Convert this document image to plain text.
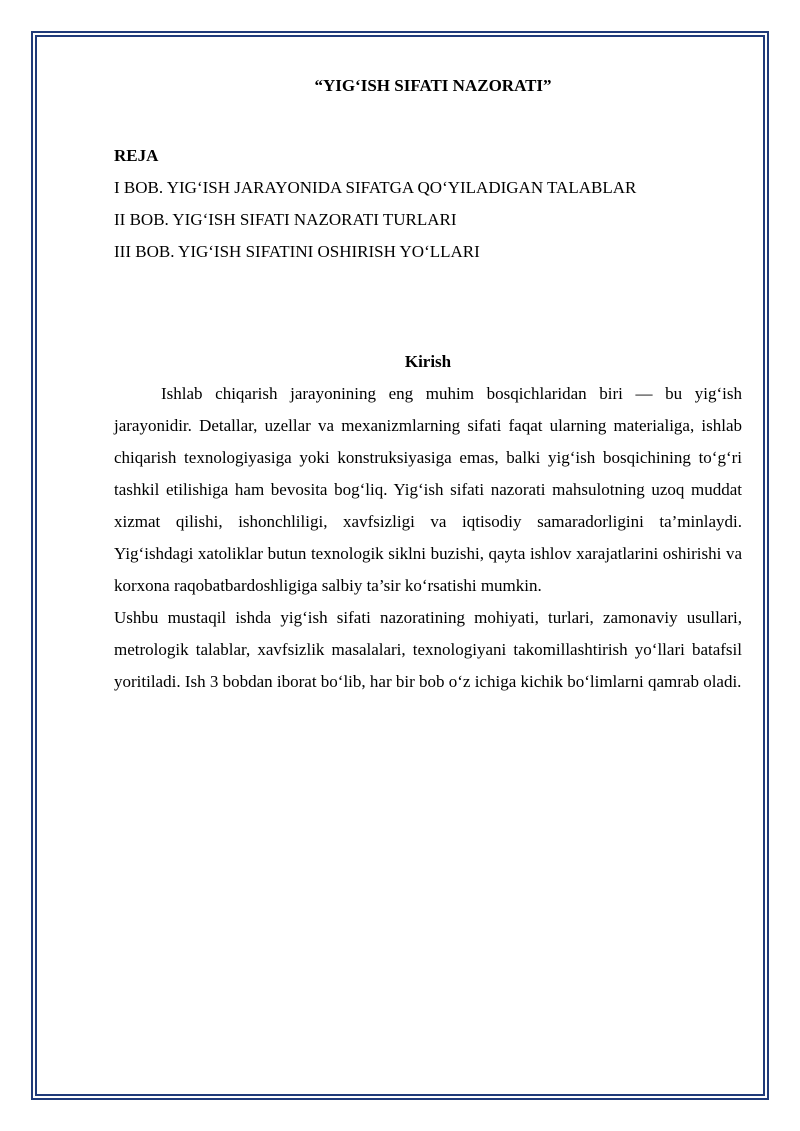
“YIG‘ISH SIFATI NAZORATI”

REJA

I BOB. YIG‘ISH JARAYONIDA SIFATGA QO‘YILADIGAN TALABLAR

II BOB. YIG‘ISH SIFATI NAZORATI TURLARI

III BOB. YIG‘ISH SIFATINI OSHIRISH YO‘LLARI

Kirish

Ishlab chiqarish jarayonining eng muhim bosqichlaridan biri — bu yig‘ish jarayonidir. Detallar, uzellar va mexanizmlarning sifati faqat ularning materialiga, ishlab chiqarish texnologiyasiga yoki konstruksiyasiga emas, balki yig‘ish bosqichining to‘g‘ri tashkil etilishiga ham bevosita bog‘liq. Yig‘ish sifati nazorati mahsulotning uzoq muddat xizmat qilishi, ishonchliligi, xavfsizligi va iqtisodiy samaradorligini ta’minlaydi. Yig‘ishdagi xatoliklar butun texnologik siklni buzishi, qayta ishlov xarajatlarini oshirishi va korxona raqobatbardoshligiga salbiy ta’sir ko‘rsatishi mumkin.

Ushbu mustaqil ishda yig‘ish sifati nazoratining mohiyati, turlari, zamonaviy usullari, metrologik talablar, xavfsizlik masalalari, texnologiyani takomillashtirish yo‘llari batafsil yoritiladi. Ish 3 bobdan iborat bo‘lib, har bir bob o‘z ichiga kichik bo‘limlarni qamrab oladi.
